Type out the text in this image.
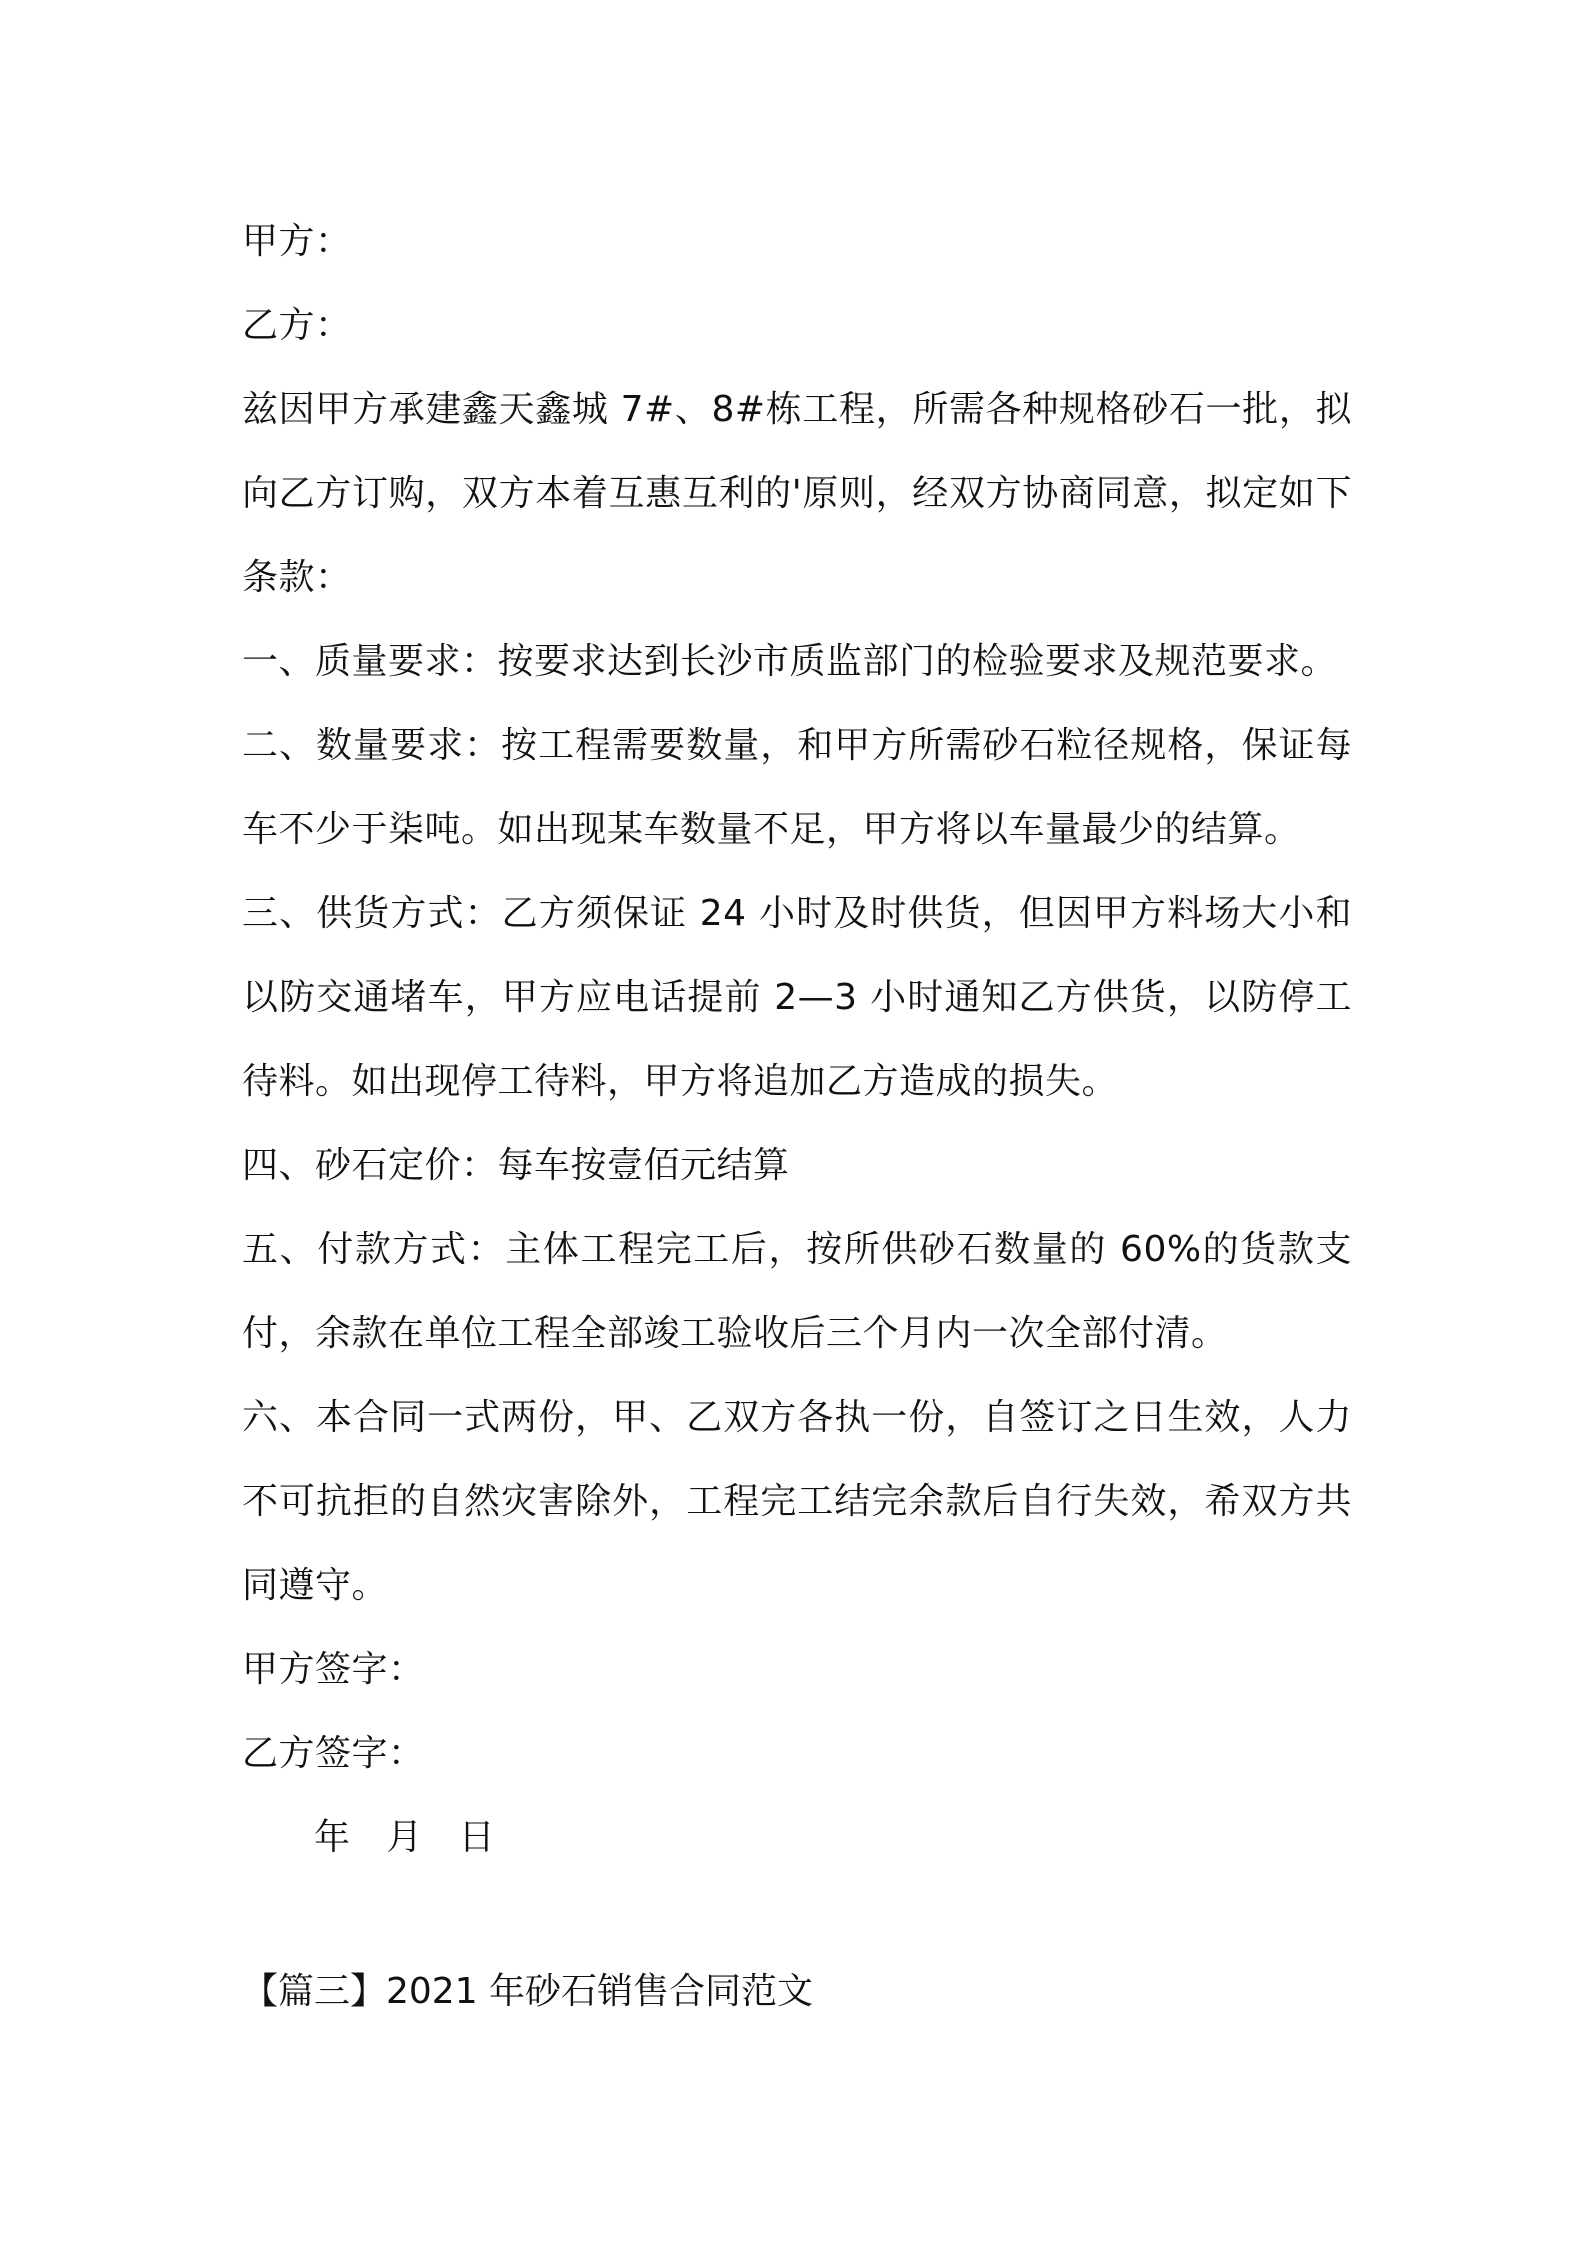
甲方：

乙方：

兹因甲方承建鑫天鑫城 7#、8#栋工程，所需各种规格砂石一批，拟向乙方订购，双方本着互惠互利的'原则，经双方协商同意，拟定如下条款：

一、质量要求：按要求达到长沙市质监部门的检验要求及规范要求。

二、数量要求：按工程需要数量，和甲方所需砂石粒径规格，保证每车不少于柒吨。如出现某车数量不足，甲方将以车量最少的结算。

三、供货方式：乙方须保证 24 小时及时供货，但因甲方料场大小和以防交通堵车，甲方应电话提前 2—3 小时通知乙方供货，以防停工待料。如出现停工待料，甲方将追加乙方造成的损失。

四、砂石定价：每车按壹佰元结算

五、付款方式：主体工程完工后，按所供砂石数量的 60%的货款支付，余款在单位工程全部竣工验收后三个月内一次全部付清。

六、本合同一式两份，甲、乙双方各执一份，自签订之日生效，人力不可抗拒的自然灾害除外，工程完工结完余款后自行失效，希双方共同遵守。

甲方签字：

乙方签字：

年   月   日

【篇三】2021 年砂石销售合同范文
